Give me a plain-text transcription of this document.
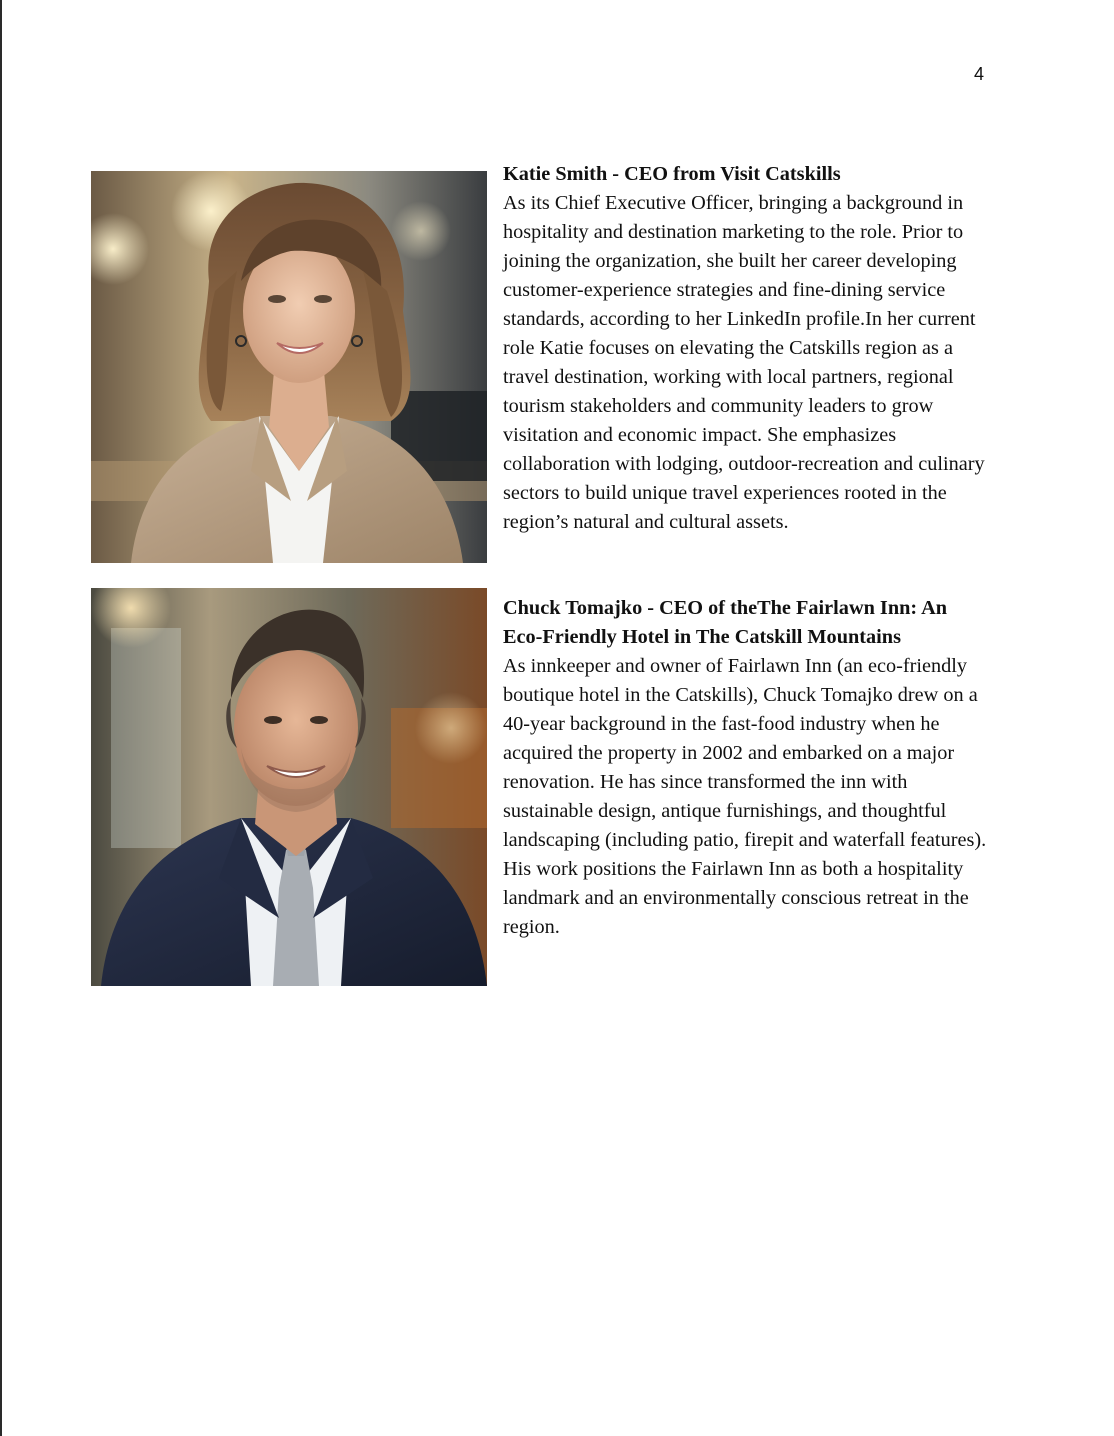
4
Katie Smith - CEO from Visit Catskills

As its Chief Executive Officer, bringing a background in hospitality and destination marketing to the role. Prior to joining the organization, she built her career developing customer-experience strategies and fine-dining service standards, according to her LinkedIn profile.In her current role Katie focuses on elevating the Catskills region as a travel destination, working with local partners, regional tourism stakeholders and community leaders to grow visitation and economic impact. She emphasizes collaboration with lodging, outdoor-recreation and culinary sectors to build unique travel experiences rooted in the region’s natural and cultural assets.

Chuck Tomajko - CEO of theThe Fairlawn Inn: An Eco-Friendly Hotel in The Catskill Mountains

As innkeeper and owner of Fairlawn Inn (an eco-friendly boutique hotel in the Catskills), Chuck Tomajko drew on a 40-year background in the fast-food industry when he acquired the property in 2002 and embarked on a major renovation. He has since transformed the inn with sustainable design, antique furnishings, and thoughtful landscaping (including patio, firepit and waterfall features). His work positions the Fairlawn Inn as both a hospitality landmark and an environmentally conscious retreat in the region.
